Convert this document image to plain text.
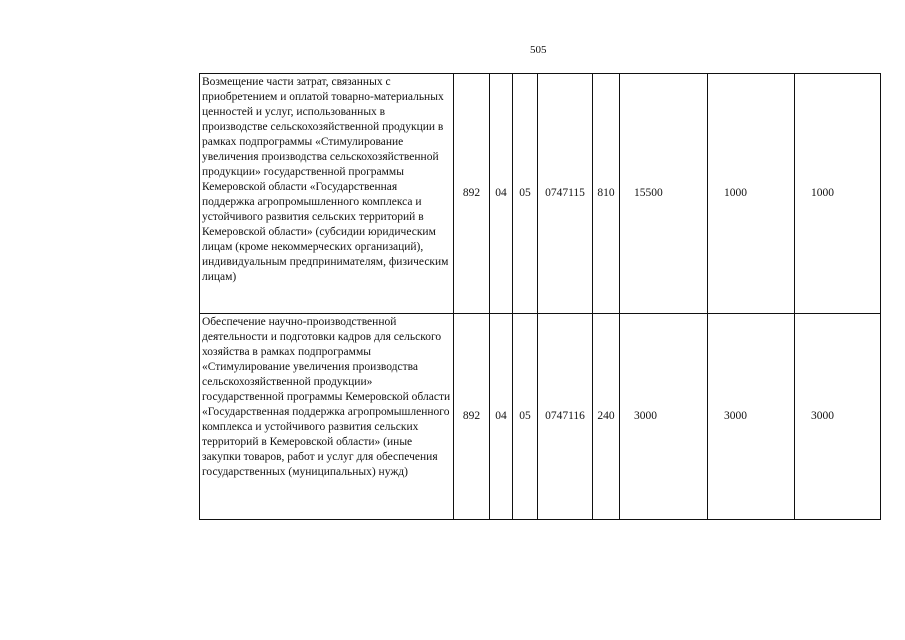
505
Возмещение части затрат, связанных с приобретением и оплатой товарно-материальных ценностей и услуг, использованных в производстве сельскохозяйственной продукции в рамках подпрограммы «Стимулирование увеличения производства сельскохозяйственной продукции» государственной программы Кемеровской области «Государственная поддержка агропромышленного комплекса и устойчивого развития сельских территорий в Кемеровской области» (субсидии юридическим лицам (кроме некоммерческих организаций), индивидуальным предпринимателям, физическим лицам)	892	04	05	0747115	810	15500	1000	1000
Обеспечение научно-производственной деятельности и подготовки кадров для сельского хозяйства в рамках подпрограммы «Стимулирование увеличения производства сельскохозяйственной продукции» государственной программы Кемеровской области «Государственная поддержка агропромышленного комплекса и устойчивого развития сельских территорий в Кемеровской области» (иные закупки товаров, работ и услуг для обеспечения государственных (муниципальных) нужд)	892	04	05	0747116	240	3000	3000	3000
